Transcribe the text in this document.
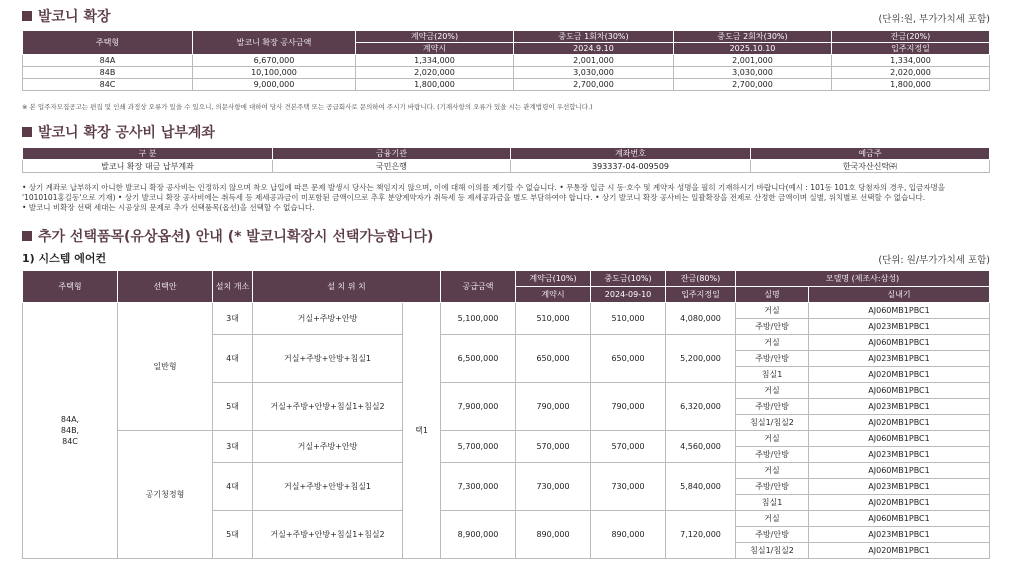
발코니 확장	(단위:원, 부가가치세 포함)
주택형	발코니 확장 공사금액	계약금(20%)	중도금 1회차(30%)	중도금 2회차(30%)	잔금(20%)
		계약시	2024.9.10	2025.10.10	입주지정일
84A	6,670,000	1,334,000	2,001,000	2,001,000	1,334,000
84B	10,100,000	2,020,000	3,030,000	3,030,000	2,020,000
84C	9,000,000	1,800,000	2,700,000	2,700,000	1,800,000
※ 본 입주자모집공고는 편집 및 인쇄 과정상 오류가 있을 수 있으니, 의문사항에 대하여 당사 견본주택 또는 공급회사로 문의하여 주시기 바랍니다. (기재사항의 오류가 있을 시는 관계법령이 우선합니다.)
발코니 확장 공사비 납부계좌
구 분	금융기관	계좌번호	예금주
발코니 확장 대금 납부계좌	국민은행	393337-04-009509	한국자산신탁㈜
• 상기 계좌로 납부하지 아니한 발코니 확장 공사비는 인정하지 않으며 착오 납입에 따른 문제 발생시 당사는 책임지지 않으며, 이에 대해 이의를 제기할 수 없습니다. • 무통장 입금 시 동·호수 및 계약자 성명을 필히 기재하시기 바랍니다(예시 : 101동 101호 당첨자의 경우, 입금자명을
'1010101홍길동'으로 기재) • 상기 발코니 확장 공사비에는 취득세 등 제세공과금이 미포함된 금액이므로 추후 분양계약자가 취득세 등 제세공과금을 별도 부담하여야 합니다. • 상기 발코니 확장 공사비는 일괄확장을 전제로 산정한 금액이며 실별, 위치별로 선택할 수 없습니다.
• 발코니 비확장 선택 세대는 시공상의 문제로 추가 선택품목(옵션)을 선택할 수 없습니다.
추가 선택품목(유상옵션) 안내 (* 발코니확장시 선택가능합니다)
1) 시스템 에어컨	(단위: 원/부가가치세 포함)
주택형	선택안	설치 개소	설 치 위 치		공급금액	계약금(10%)	중도금(10%)	잔금(80%)	모델명 (제조사:삼성)	
						계약시	2024-09-10	입주지정일	실명	실내기
84A,
84B,
84C	일반형	3대	거실+주방+안방	택1	5,100,000	510,000	510,000	4,080,000	거실	AJ060MB1PBC1
									주방/안방	AJ023MB1PBC1
		4대	거실+주방+안방+침실1		6,500,000	650,000	650,000	5,200,000	거실	AJ060MB1PBC1
									주방/안방	AJ023MB1PBC1
									침실1	AJ020MB1PBC1
		5대	거실+주방+안방+침실1+침실2		7,900,000	790,000	790,000	6,320,000	거실	AJ060MB1PBC1
									주방/안방	AJ023MB1PBC1
									침실1/침실2	AJ020MB1PBC1
	공기청정형	3대	거실+주방+안방		5,700,000	570,000	570,000	4,560,000	거실	AJ060MB1PBC1
									주방/안방	AJ023MB1PBC1
		4대	거실+주방+안방+침실1		7,300,000	730,000	730,000	5,840,000	거실	AJ060MB1PBC1
									주방/안방	AJ023MB1PBC1
									침실1	AJ020MB1PBC1
		5대	거실+주방+안방+침실1+침실2		8,900,000	890,000	890,000	7,120,000	거실	AJ060MB1PBC1
									주방/안방	AJ023MB1PBC1
									침실1/침실2	AJ020MB1PBC1
